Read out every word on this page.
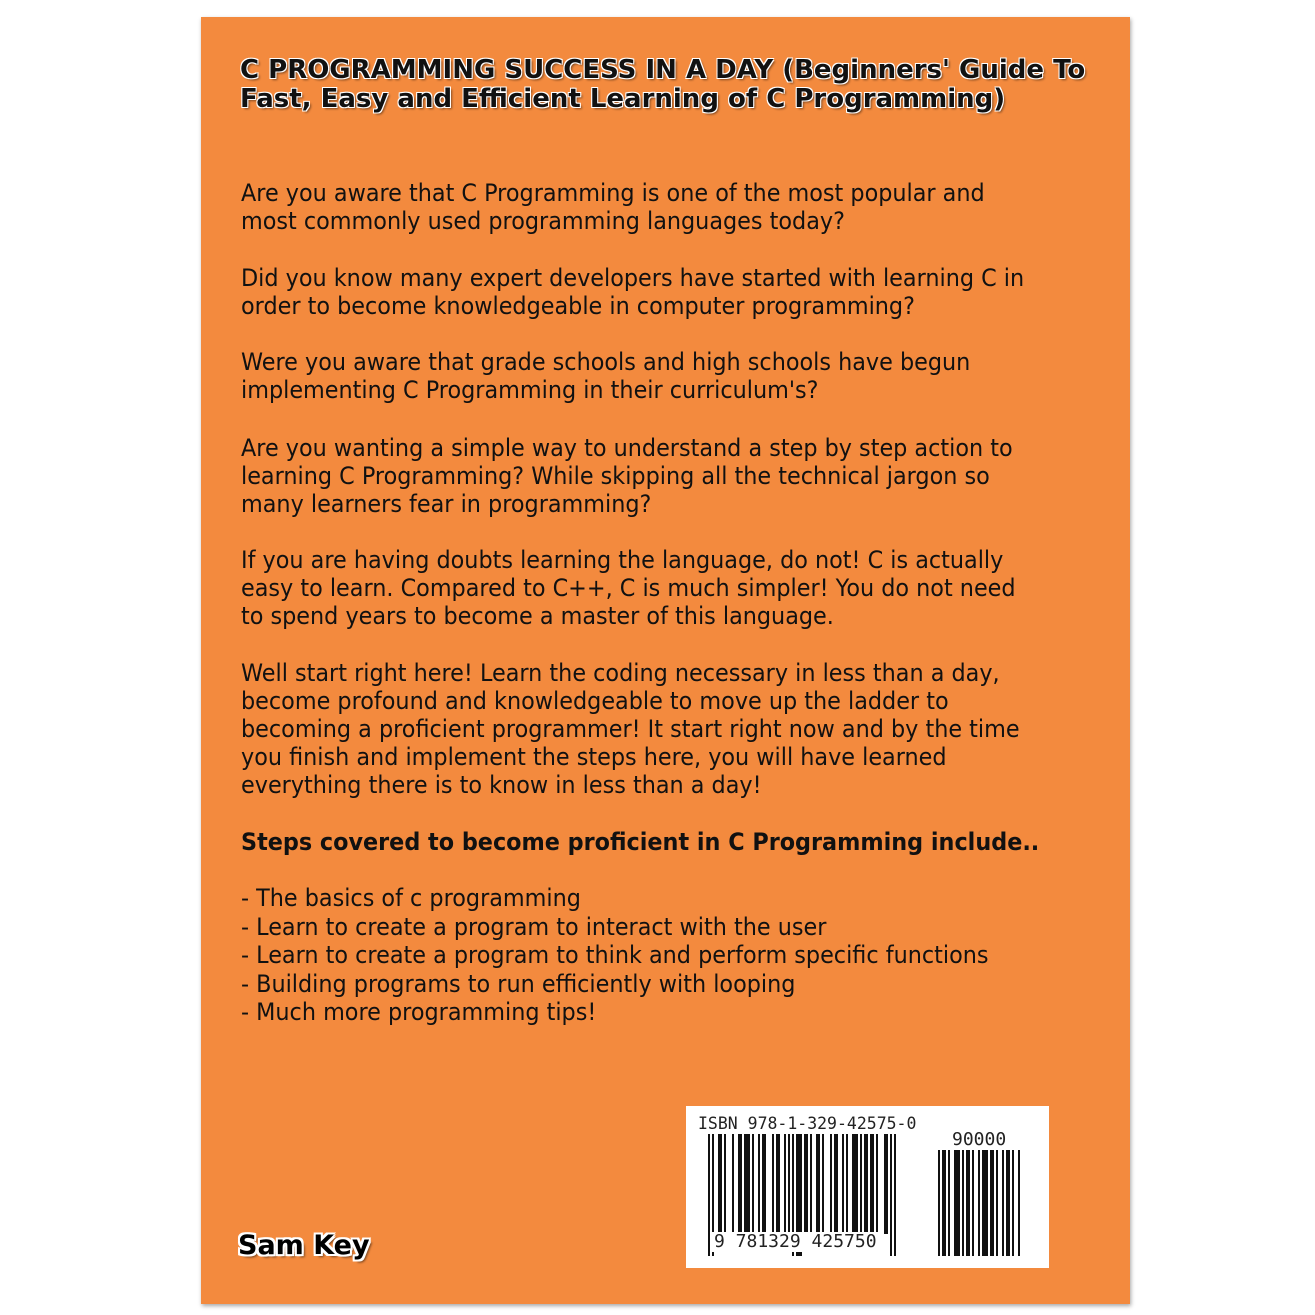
C PROGRAMMING SUCCESS IN A DAY (Beginners' Guide To Fast, Easy and Efficient Learning of C Programming)

Are you aware that C Programming is one of the most popular and
most commonly used programming languages today?

Did you know many expert developers have started with learning C in
order to become knowledgeable in computer programming?

Were you aware that grade schools and high schools have begun
implementing C Programming in their curriculum's?

Are you wanting a simple way to understand a step by step action to
learning C Programming? While skipping all the technical jargon so
many learners fear in programming?

If you are having doubts learning the language, do not! C is actually
easy to learn. Compared to C++, C is much simpler! You do not need
to spend years to become a master of this language.

Well start right here! Learn the coding necessary in less than a day,
become profound and knowledgeable to move up the ladder to
becoming a proficient programmer! It start right now and by the time
you finish and implement the steps here, you will have learned
everything there is to know in less than a day!

Steps covered to become proficient in C Programming include..

- The basics of c programming
- Learn to create a program to interact with the user
- Learn to create a program to think and perform specific functions
- Building programs to run efficiently with looping
- Much more programming tips!
Sam Key
ISBN 978-1-329-42575-0
90000
9 781329 425750
